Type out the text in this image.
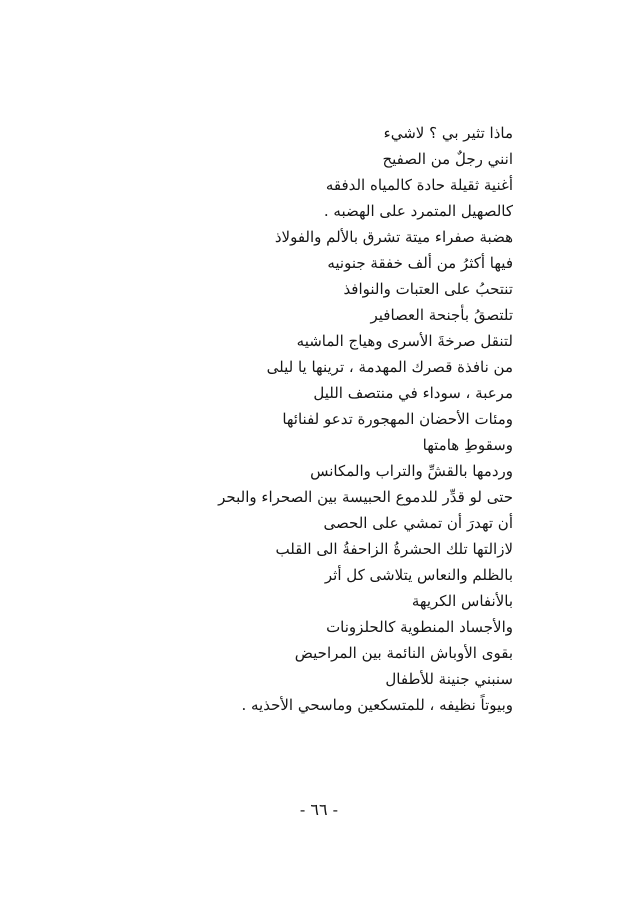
ماذا تثير بي ؟ لاشيء
انني رجلٌ من الصفيح
أغنية ثقيلة حادة كالمياه الدفقه
كالصهيل المتمرد على الهضبه .
هضبة صفراء ميتة تشرق بالألم والفولاذ
فيها أكثرُ من ألف خفقة جنونيه
تنتحبُ على العتبات والنوافذ
تلتصقُ بأجنحة العصافير
لتنقل صرخةَ الأسرى وهياج الماشيه
من نافذة قصرك المهدمة ، ترينها يا ليلى
مرعبة ، سوداء في منتصف الليل
ومئات الأحضان المهجورة تدعو لفنائها
وسقوطِ هامتها
وردمها بالقشِّ والتراب والمكانس
حتى لو قدِّر للدموع الحبيسة بين الصحراء والبحر
أن تهدرَ أن تمشي على الحصى
لازالتها تلك الحشرةُ الزاحفةُ الى القلب
بالظلم والنعاس يتلاشى كل أثر
بالأنفاس الكريهة
والأجساد المنطوية كالحلزونات
بقوى الأوباش النائمة بين المراحيض
سنبني جنينة للأطفال
وبيوتاً نظيفه ، للمتسكعين وماسحي الأحذيه .
- ٦٦ -
